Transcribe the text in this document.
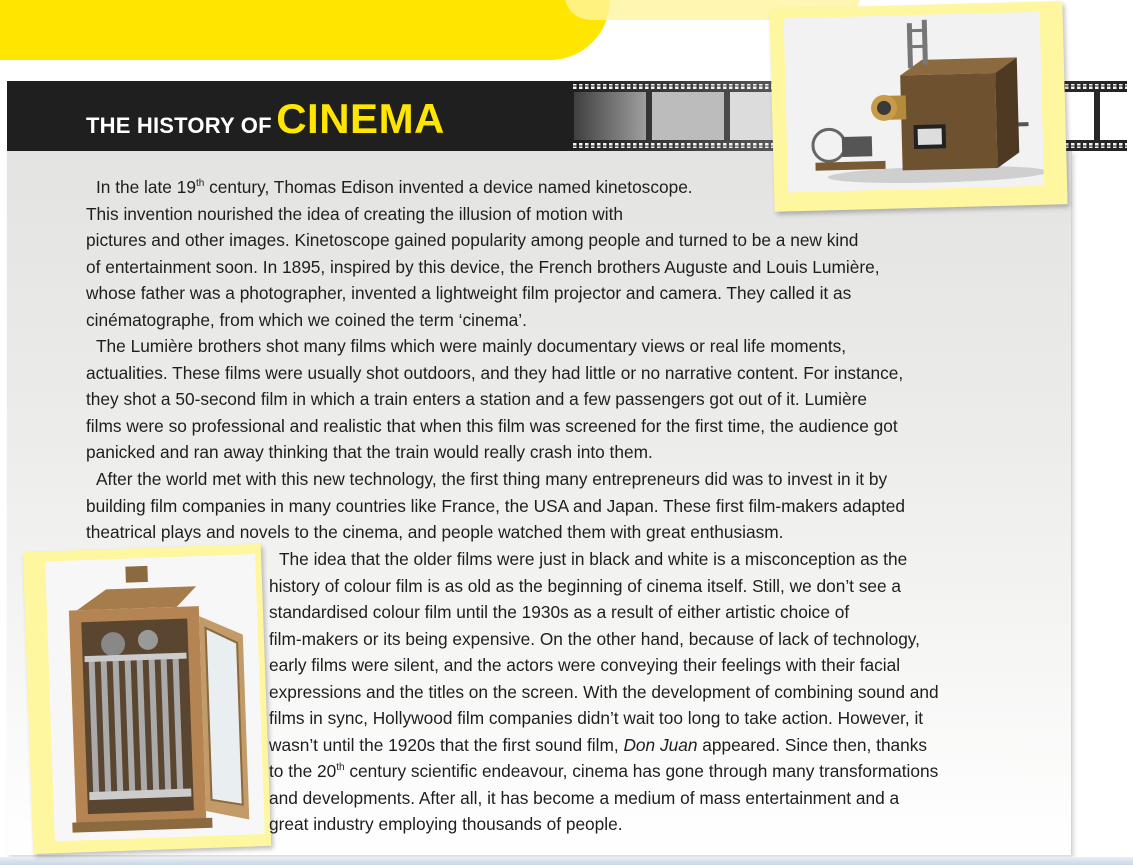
THE HISTORY OF CINEMA
In the late 19th century, Thomas Edison invented a device named kinetoscope.
This invention nourished the idea of creating the illusion of motion with
pictures and other images. Kinetoscope gained popularity among people and turned to be a new kind
of entertainment soon. In 1895, inspired by this device, the French brothers Auguste and Louis Lumière,
whose father was a photographer, invented a lightweight film projector and camera. They called it as
cinématographe, from which we coined the term ‘cinema’.
The Lumière brothers shot many films which were mainly documentary views or real life moments,
actualities. These films were usually shot outdoors, and they had little or no narrative content. For instance,
they shot a 50-second film in which a train enters a station and a few passengers got out of it. Lumière
films were so professional and realistic that when this film was screened for the first time, the audience got
panicked and ran away thinking that the train would really crash into them.
After the world met with this new technology, the first thing many entrepreneurs did was to invest in it by
building film companies in many countries like France, the USA and Japan. These first film-makers adapted
theatrical plays and novels to the cinema, and people watched them with great enthusiasm.
The idea that the older films were just in black and white is a misconception as the
history of colour film is as old as the beginning of cinema itself. Still, we don’t see a
standardised colour film until the 1930s as a result of either artistic choice of
film-makers or its being expensive. On the other hand, because of lack of technology,
early films were silent, and the actors were conveying their feelings with their facial
expressions and the titles on the screen. With the development of combining sound and
films in sync, Hollywood film companies didn’t wait too long to take action. However, it
wasn’t until the 1920s that the first sound film, Don Juan appeared. Since then, thanks
to the 20th century scientific endeavour, cinema has gone through many transformations
and developments. After all, it has become a medium of mass entertainment and a
great industry employing thousands of people.
